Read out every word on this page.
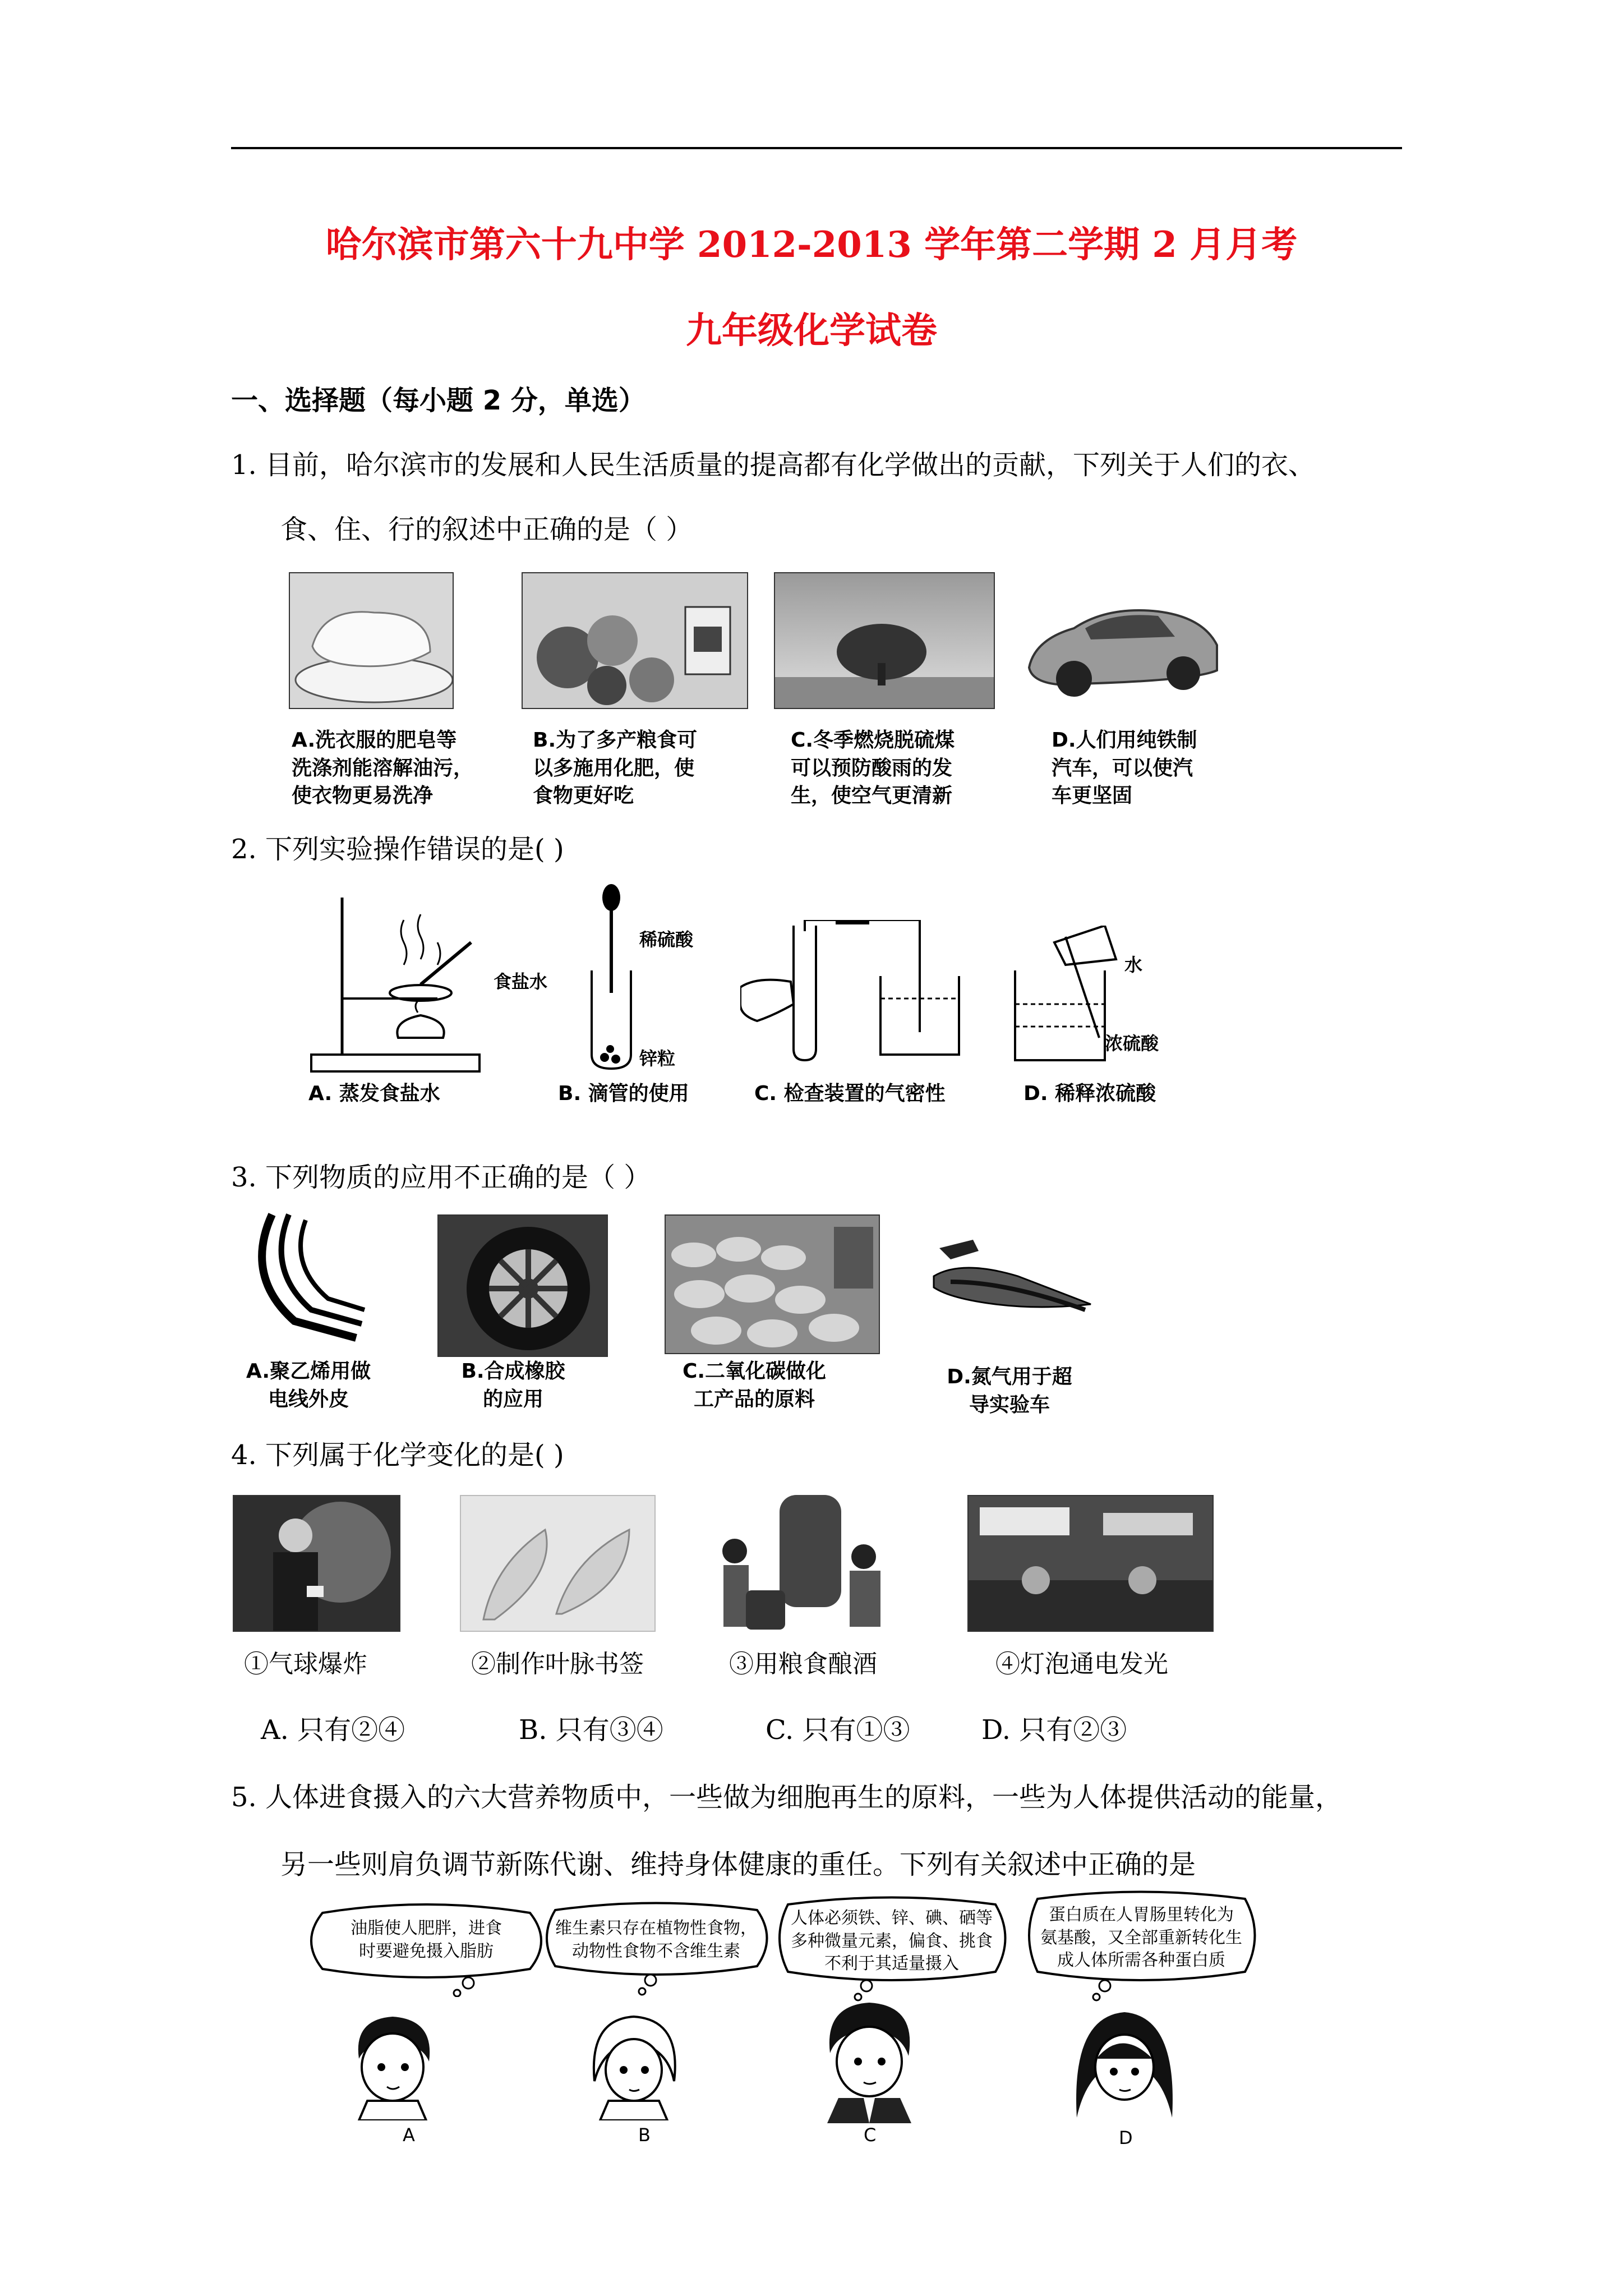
哈尔滨市第六十九中学 2012-2013 学年第二学期 2 月月考
九年级化学试卷
一、选择题（每小题 2 分，单选）
1. 目前，哈尔滨市的发展和人民生活质量的提高都有化学做出的贡献，下列关于人们的衣、
食、住、行的叙述中正确的是（ ）
A.洗衣服的肥皂等
洗涤剂能溶解油污，
使衣物更易洗净
B.为了多产粮食可
以多施用化肥，使
食物更好吃
C.冬季燃烧脱硫煤
可以预防酸雨的发
生，使空气更清新
D.人们用纯铁制
汽车，可以使汽
车更坚固
2. 下列实验操作错误的是( )
食盐水
稀硫酸
锌粒
水
浓硫酸
A. 蒸发食盐水	B. 滴管的使用	C. 检查装置的气密性	D. 稀释浓硫酸
3. 下列物质的应用不正确的是（ ）
A.聚乙烯用做
电线外皮
B.合成橡胶
的应用
C.二氧化碳做化
工产品的原料
D.氮气用于超
导实验车
4. 下列属于化学变化的是( )
①气球爆炸	②制作叶脉书签	③用粮食酿酒	④灯泡通电发光
A. 只有②④	B. 只有③④	C. 只有①③	D. 只有②③
5. 人体进食摄入的六大营养物质中，一些做为细胞再生的原料，一些为人体提供活动的能量，
另一些则肩负调节新陈代谢、维持身体健康的重任。下列有关叙述中正确的是
油脂使人肥胖，进食
时要避免摄入脂肪
维生素只存在植物性食物，
动物性食物不含维生素
人体必须铁、锌、碘、硒等
多种微量元素，偏食、挑食
不利于其适量摄入
蛋白质在人胃肠里转化为
氨基酸，又全部重新转化生
成人体所需各种蛋白质
A	B	C	D
